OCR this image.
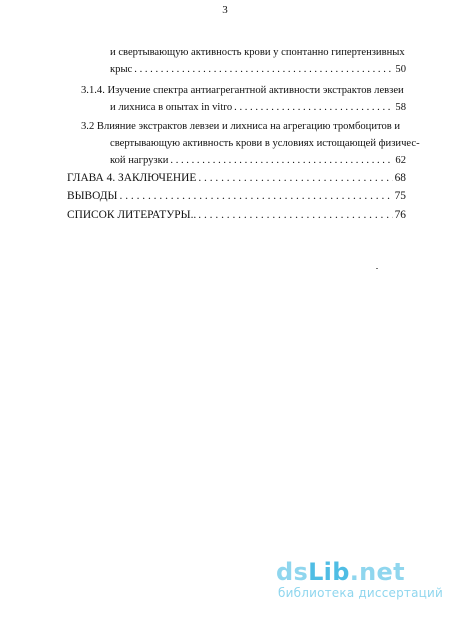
3
и свертывающую активность крови у спонтанно гипертензивных
крыс . . .	50
3.1.4. Изучение спектра антиагрегантной активности экстрактов левзеи
и лихниса в опытах in vitro . . .	58
3.2 Влияние экстрактов левзеи и лихниса на агрегацию тромбоцитов и
свертывающую активность крови в условиях истощающей физичес-
кой нагрузки . . .	62
ГЛАВА 4. ЗАКЛЮЧЕНИЕ . . .	68
ВЫВОДЫ . . .	75
СПИСОК ЛИТЕРАТУРЫ.. . . .	76
dsLib.net
библиотека диссертаций
